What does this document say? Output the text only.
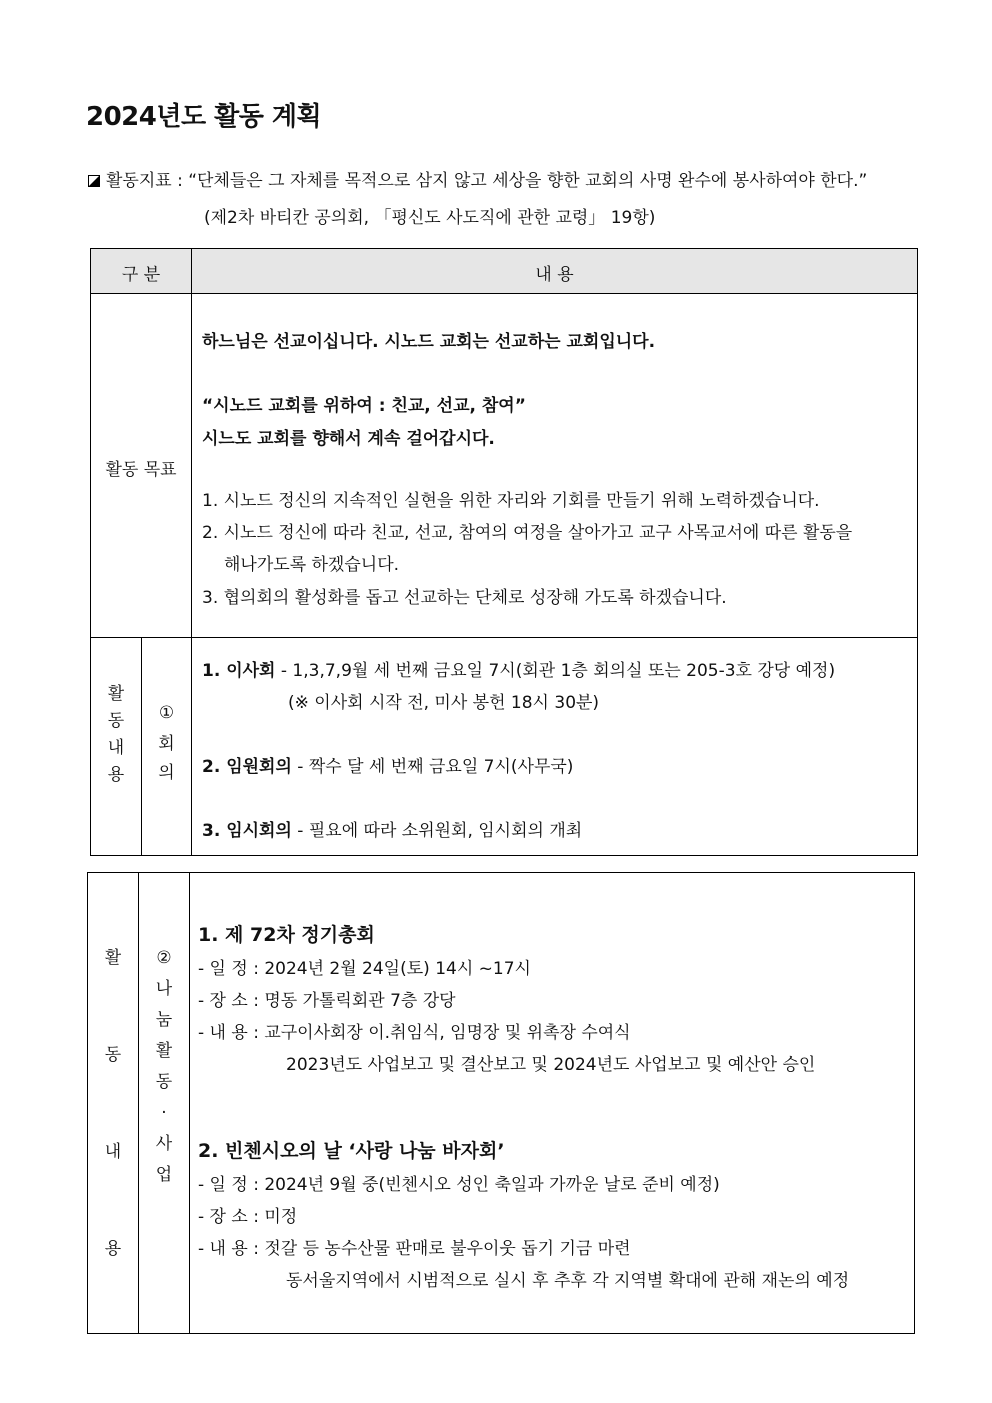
2024년도 활동 계획
활동지표 : “단체들은 그 자체를 목적으로 삼지 않고 세상을 향한 교회의 사명 완수에 봉사하여야 한다.”
(제2차 바티칸 공의회, 「평신도 사도직에 관한 교령」 19항)
구 분	내 용
활동 목표
하느님은 선교이십니다. 시노드 교회는 선교하는 교회입니다.
“시노드 교회를 위하여 : 친교, 선교, 참여”
시느도 교회를 향해서 계속 걸어갑시다.
1. 시노드 정신의 지속적인 실현을 위한 자리와 기회를 만들기 위해 노력하겠습니다.
2. 시노드 정신에 따라 친교, 선교, 참여의 여정을 살아가고 교구 사목교서에 따른 활동을
해나가도록 하겠습니다.
3. 협의회의 활성화를 돕고 선교하는 단체로 성장해 가도록 하겠습니다.
활
동
내
용
①
회
의
1. 이사회 - 1,3,7,9월 세 번째 금요일 7시(회관 1층 회의실 또는 205-3호 강당 예정)
(※ 이사회 시작 전, 미사 봉헌 18시 30분)
2. 임원회의 - 짝수 달 세 번째 금요일 7시(사무국)
3. 임시회의 - 필요에 따라 소위원회, 임시회의 개최
활
동
내
용
②
나
눔
활
동
·
사
업
1. 제 72차 정기총회
- 일 정 : 2024년 2월 24일(토) 14시 ~17시
- 장 소 : 명동 가톨릭회관 7층 강당
- 내 용 : 교구이사회장 이.취임식, 임명장 및 위촉장 수여식
2023년도 사업보고 및 결산보고 및 2024년도 사업보고 및 예산안 승인
2. 빈첸시오의 날 ‘사랑 나눔 바자회’
- 일 정 : 2024년 9월 중(빈첸시오 성인 축일과 가까운 날로 준비 예정)
- 장 소 : 미정
- 내 용 : 젓갈 등 농수산물 판매로 불우이웃 돕기 기금 마련
동서울지역에서 시범적으로 실시 후 추후 각 지역별 확대에 관해 재논의 예정
